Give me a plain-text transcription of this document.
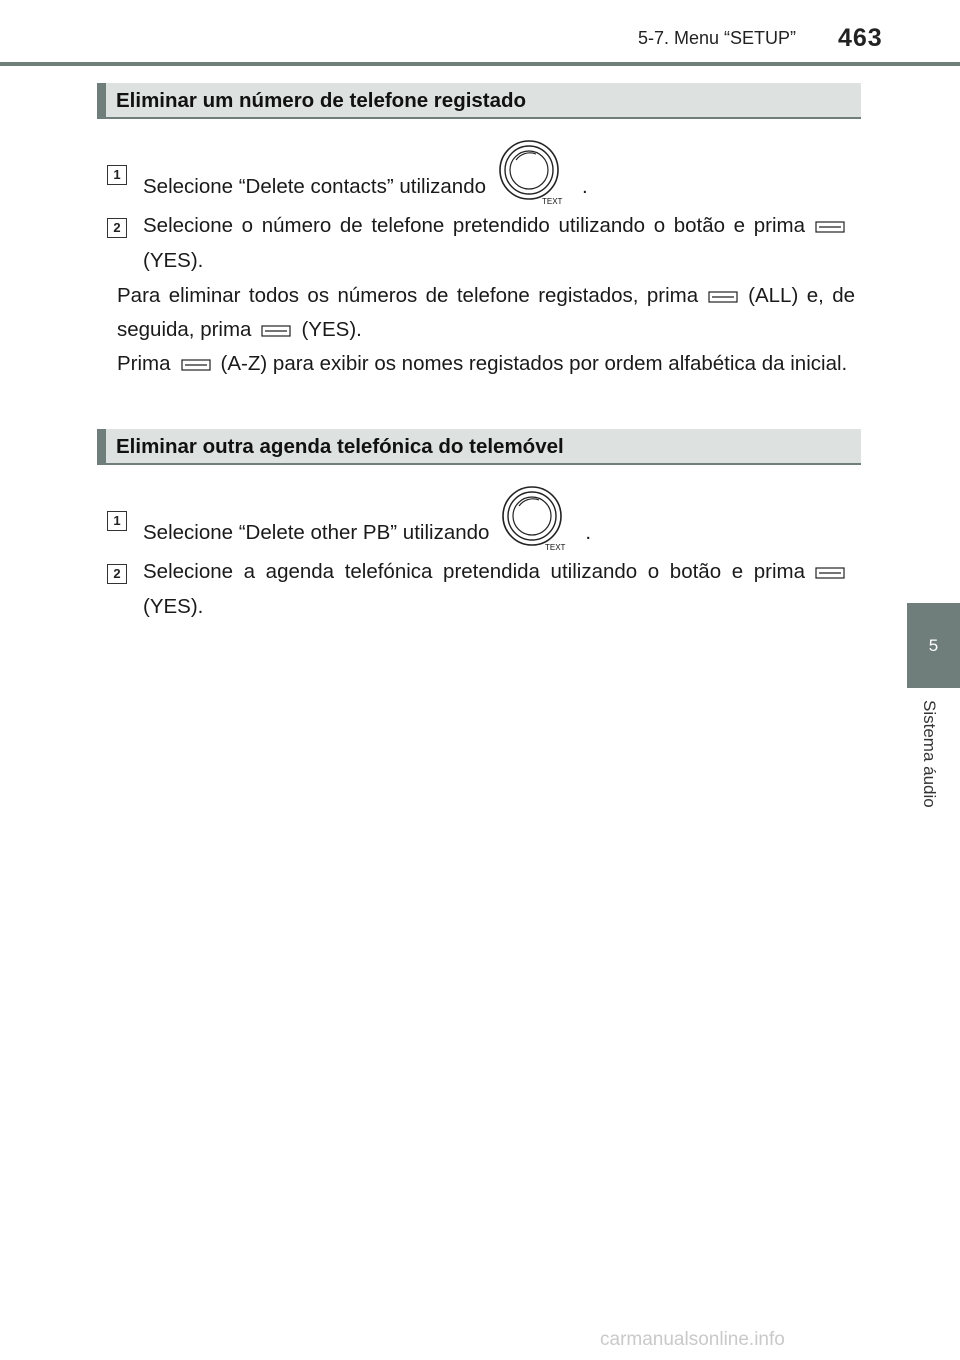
5-7. Menu “SETUP” 463
5
Sistema áudio
Eliminar um número de telefone registado
1
Selecione “Delete contacts” utilizando
TEXT
.
2	Selecione o número de telefone pretendido utilizando o botão e prima(YES).
Para eliminar todos os números de telefone registados, prima (ALL) e, de seguida, prima (YES).
Prima (A-Z) para exibir os nomes registados por ordem alfabética da inicial.
Eliminar outra agenda telefónica do telemóvel
1
Selecione “Delete other PB” utilizando
TEXT
.
2	Selecione a agenda telefónica pretendida utilizando o botão e prima(YES).
carmanualsonline.info
